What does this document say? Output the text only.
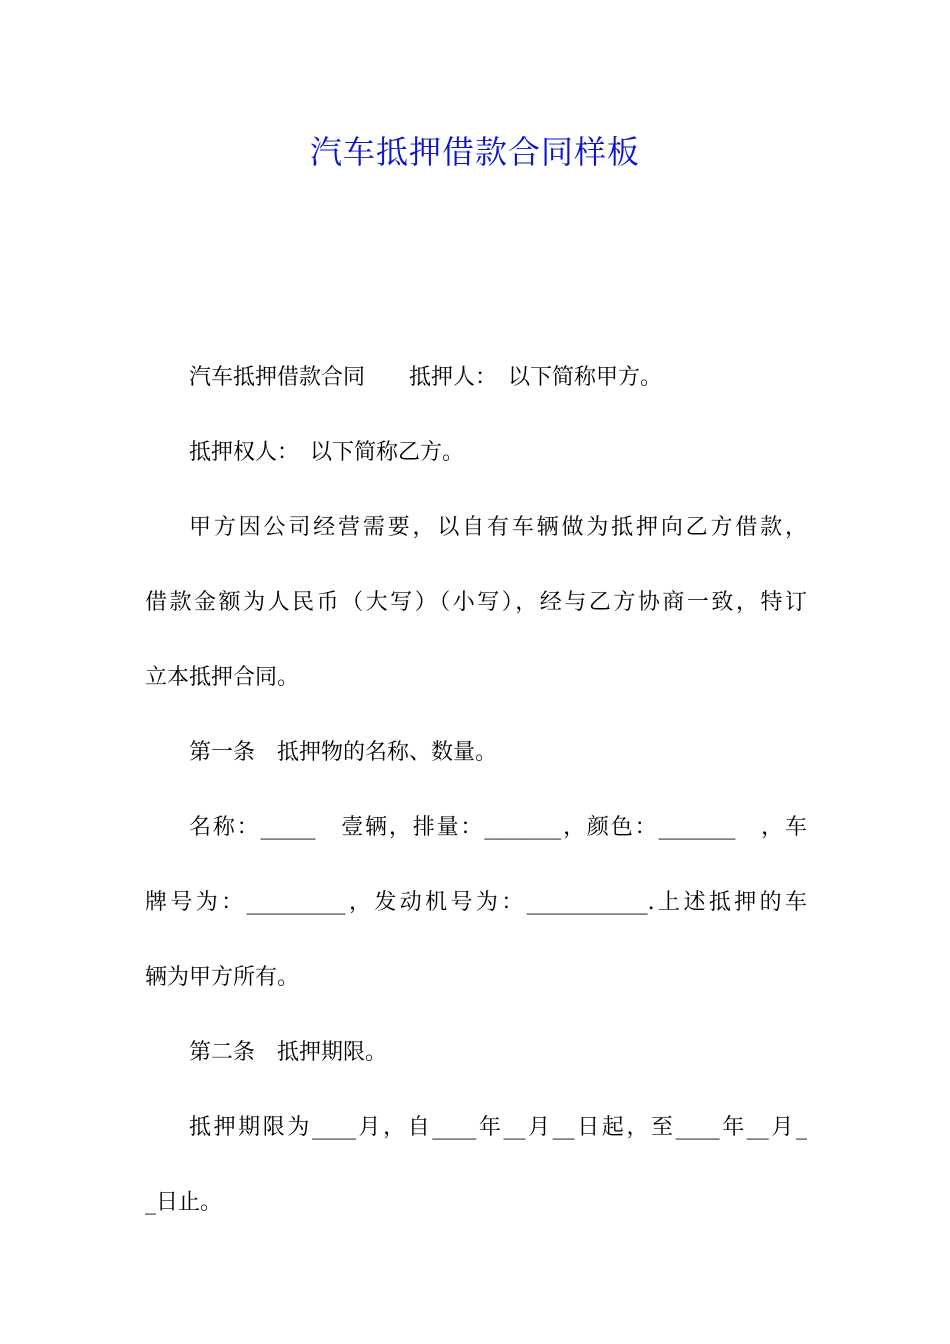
汽车抵押借款合同样板

汽车抵押借款合同　　抵押人：　以下简称甲方。

抵押权人：　以下简称乙方。

甲方因公司经营需要，以自有车辆做为抵押向乙方借款，
借款金额为人民币（大写）（小写），经与乙方协商一致，特订
立本抵押合同。

第一条　抵押物的名称、数量。

名称：_____　壹辆，排量：_______，颜色：_______　，车
牌号为：_________，发动机号为：___________.上述抵押的车
辆为甲方所有。

第二条　抵押期限。

抵押期限为____月，自____年__月__日起，至____年__月_
_日止。
